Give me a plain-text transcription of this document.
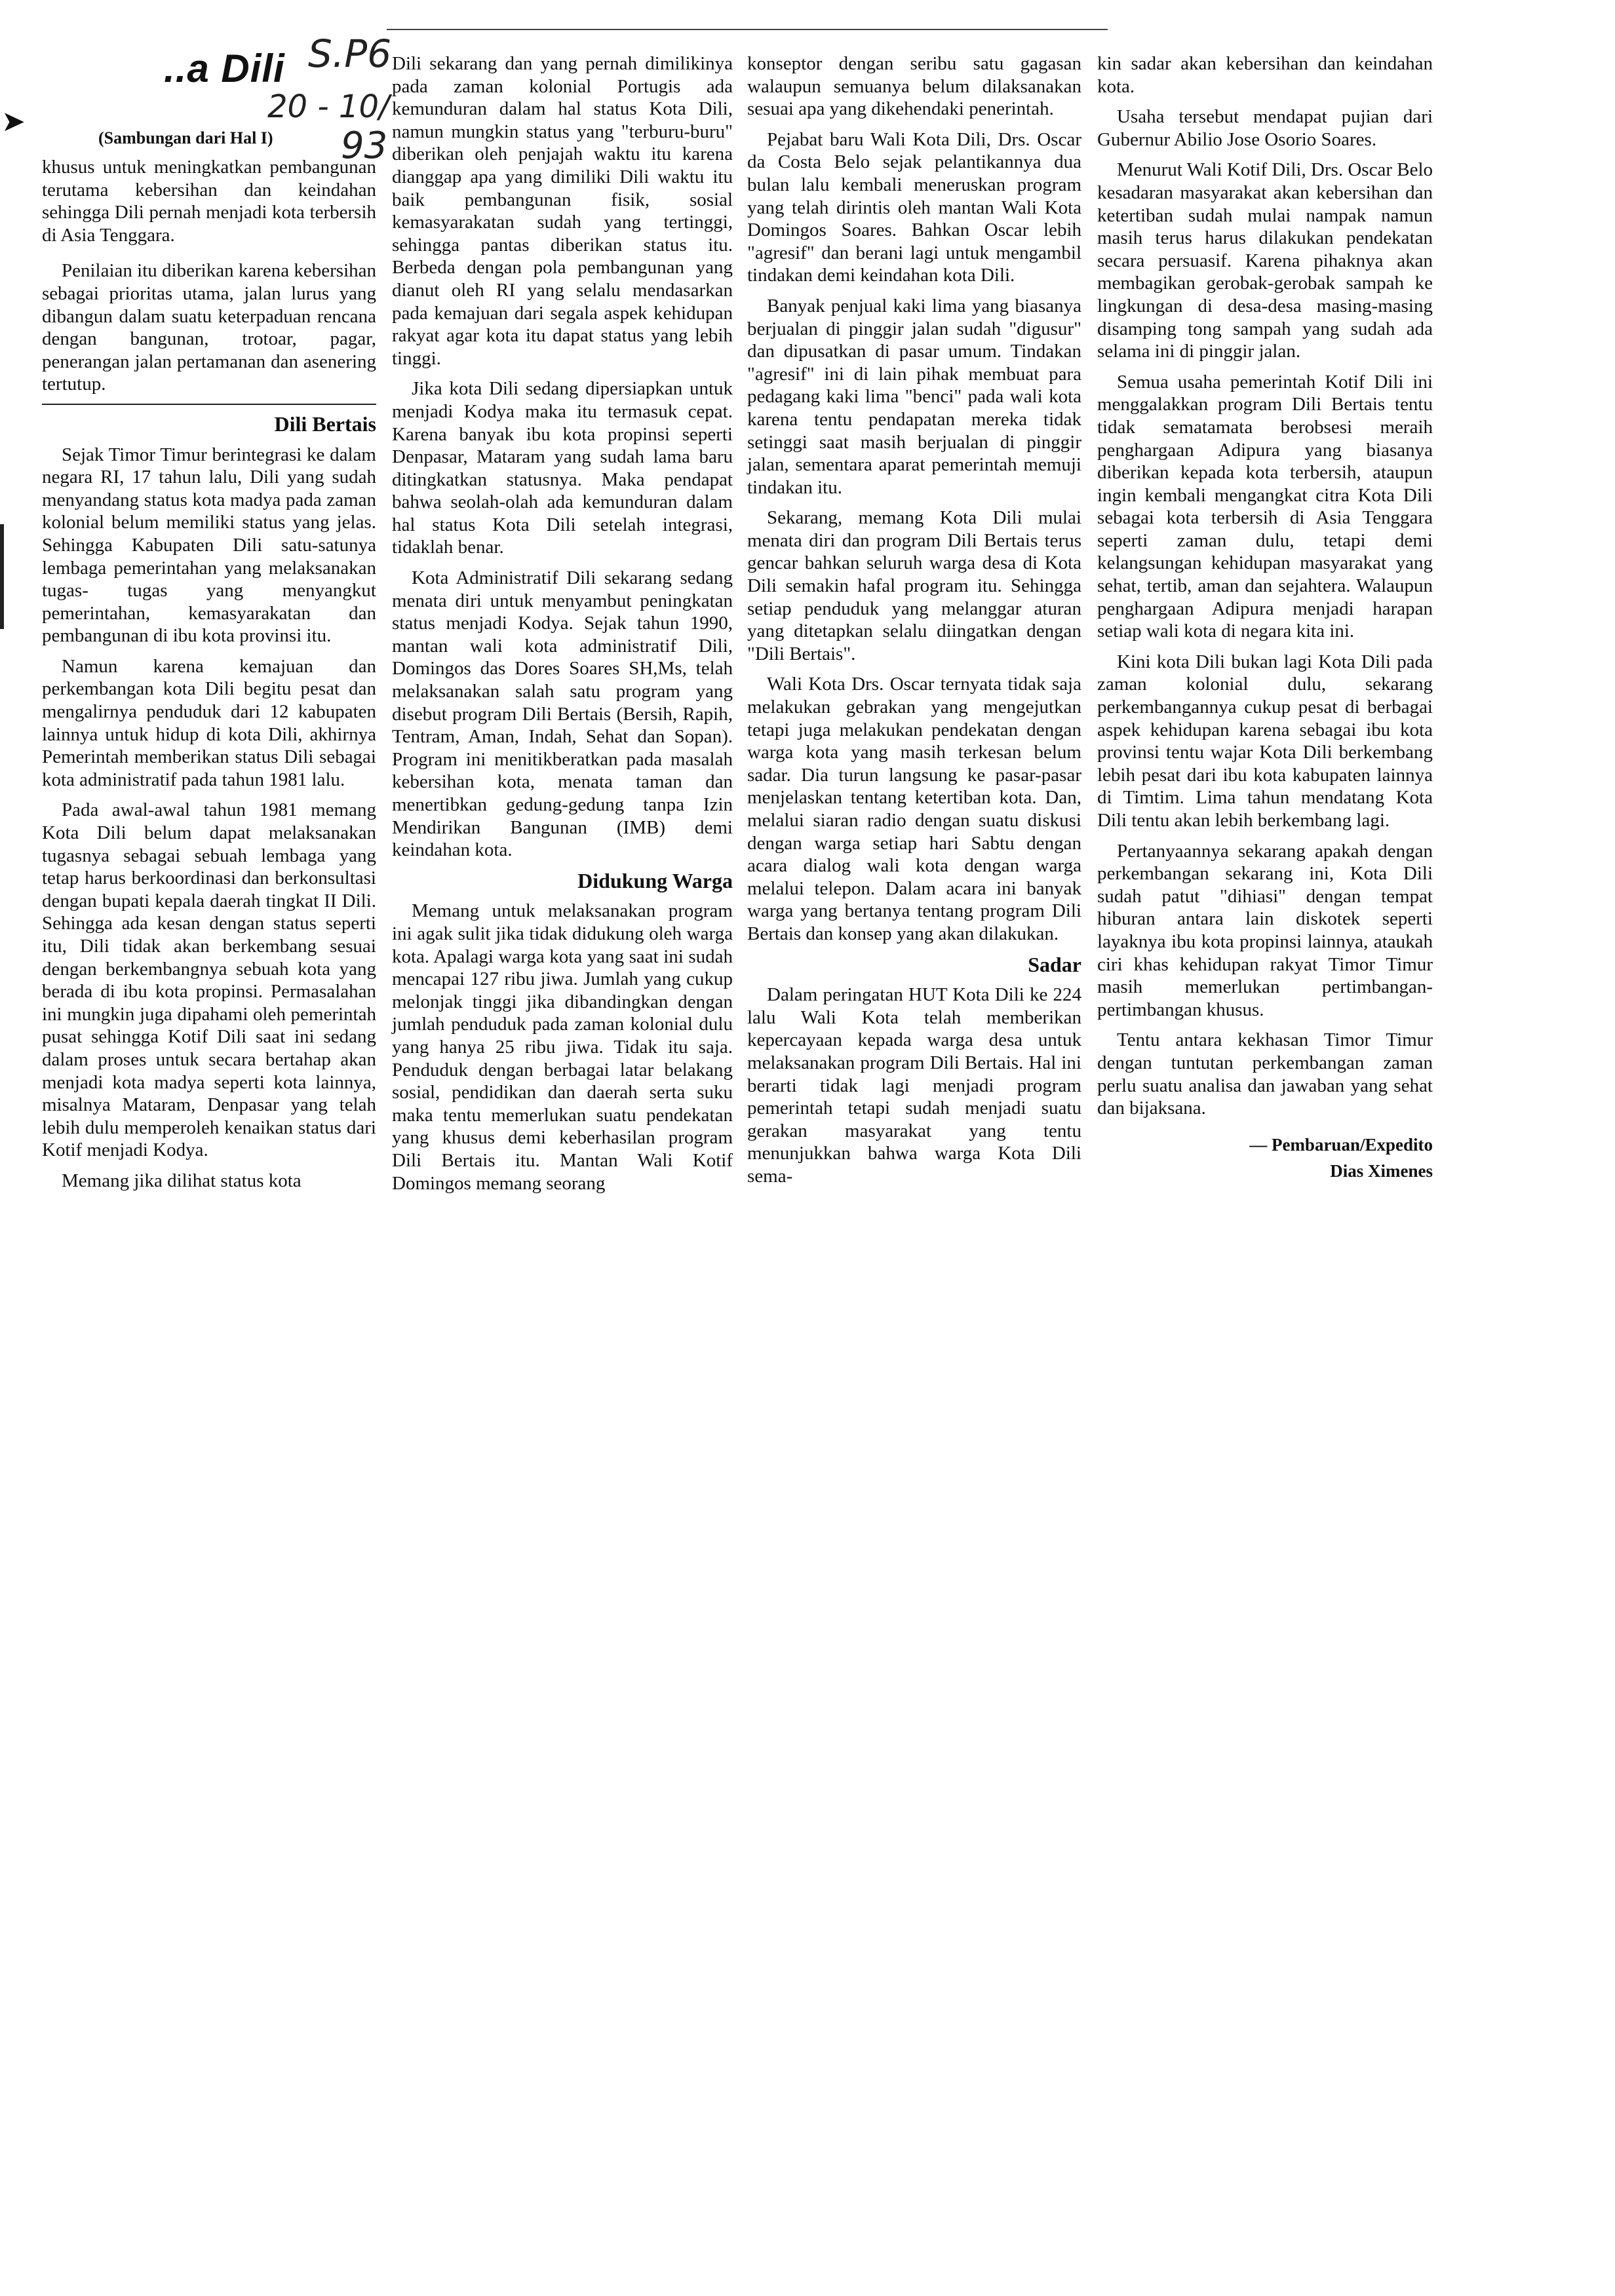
➤
..a Dili S.P6
20 - 10/
93
(Sambungan dari Hal I)

khusus untuk meningkatkan pembangunan terutama kebersihan dan keindahan sehingga Dili pernah menjadi kota terbersih di Asia Tenggara.

Penilaian itu diberikan karena kebersihan sebagai prioritas utama, jalan lurus yang dibangun dalam suatu keterpaduan rencana dengan bangunan, trotoar, pagar, penerangan jalan pertamanan dan asenering tertutup.

Dili Bertais

Sejak Timor Timur berintegrasi ke dalam negara RI, 17 tahun lalu, Dili yang sudah menyandang status kota madya pada zaman kolonial belum memiliki status yang jelas. Sehingga Kabupaten Dili satu-satunya lembaga pemerintahan yang melaksanakan tugas- tugas yang menyangkut pemerintahan, kemasyarakatan dan pembangunan di ibu kota provinsi itu.

Namun karena kemajuan dan perkembangan kota Dili begitu pesat dan mengalirnya penduduk dari 12 kabupaten lainnya untuk hidup di kota Dili, akhirnya Pemerintah memberikan status Dili sebagai kota administratif pada tahun 1981 lalu.

Pada awal-awal tahun 1981 memang Kota Dili belum dapat melaksanakan tugasnya sebagai sebuah lembaga yang tetap harus berkoordinasi dan berkonsultasi dengan bupati kepala daerah tingkat II Dili. Sehingga ada kesan dengan status seperti itu, Dili tidak akan berkembang sesuai dengan berkembangnya sebuah kota yang berada di ibu kota propinsi. Permasalahan ini mungkin juga dipahami oleh pemerintah pusat sehingga Kotif Dili saat ini sedang dalam proses untuk secara bertahap akan menjadi kota madya seperti kota lainnya, misalnya Mataram, Denpasar yang telah lebih dulu memperoleh kenaikan status dari Kotif menjadi Kodya.

Memang jika dilihat status kota

Dili sekarang dan yang pernah dimilikinya pada zaman kolonial Portugis ada kemunduran dalam hal status Kota Dili, namun mungkin status yang "terburu-buru" diberikan oleh penjajah waktu itu karena dianggap apa yang dimiliki Dili waktu itu baik pembangunan fisik, sosial kemasyarakatan sudah yang tertinggi, sehingga pantas diberikan status itu. Berbeda dengan pola pembangunan yang dianut oleh RI yang selalu mendasarkan pada kemajuan dari segala aspek kehidupan rakyat agar kota itu dapat status yang lebih tinggi.

Jika kota Dili sedang dipersiapkan untuk menjadi Kodya maka itu termasuk cepat. Karena banyak ibu kota propinsi seperti Denpasar, Mataram yang sudah lama baru ditingkatkan statusnya. Maka pendapat bahwa seolah-olah ada kemunduran dalam hal status Kota Dili setelah integrasi, tidaklah benar.

Kota Administratif Dili sekarang sedang menata diri untuk menyambut peningkatan status menjadi Kodya. Sejak tahun 1990, mantan wali kota administratif Dili, Domingos das Dores Soares SH,Ms, telah melaksanakan salah satu program yang disebut program Dili Bertais (Bersih, Rapih, Tentram, Aman, Indah, Sehat dan Sopan). Program ini menitikberatkan pada masalah kebersihan kota, menata taman dan menertibkan gedung-gedung tanpa Izin Mendirikan Bangunan (IMB) demi keindahan kota.

Didukung Warga

Memang untuk melaksanakan program ini agak sulit jika tidak didukung oleh warga kota. Apalagi warga kota yang saat ini sudah mencapai 127 ribu jiwa. Jumlah yang cukup melonjak tinggi jika dibandingkan dengan jumlah penduduk pada zaman kolonial dulu yang hanya 25 ribu jiwa. Tidak itu saja. Penduduk dengan berbagai latar belakang sosial, pendidikan dan daerah serta suku maka tentu memerlukan suatu pendekatan yang khusus demi keberhasilan program Dili Bertais itu. Mantan Wali Kotif Domingos memang seorang

konseptor dengan seribu satu gagasan walaupun semuanya belum dilaksanakan sesuai apa yang dikehendaki penerintah.

Pejabat baru Wali Kota Dili, Drs. Oscar da Costa Belo sejak pelantikannya dua bulan lalu kembali meneruskan program yang telah dirintis oleh mantan Wali Kota Domingos Soares. Bahkan Oscar lebih "agresif" dan berani lagi untuk mengambil tindakan demi keindahan kota Dili.

Banyak penjual kaki lima yang biasanya berjualan di pinggir jalan sudah "digusur" dan dipusatkan di pasar umum. Tindakan "agresif" ini di lain pihak membuat para pedagang kaki lima "benci" pada wali kota karena tentu pendapatan mereka tidak setinggi saat masih berjualan di pinggir jalan, sementara aparat pemerintah memuji tindakan itu.

Sekarang, memang Kota Dili mulai menata diri dan program Dili Bertais terus gencar bahkan seluruh warga desa di Kota Dili semakin hafal program itu. Sehingga setiap penduduk yang melanggar aturan yang ditetapkan selalu diingatkan dengan "Dili Bertais".

Wali Kota Drs. Oscar ternyata tidak saja melakukan gebrakan yang mengejutkan tetapi juga melakukan pendekatan dengan warga kota yang masih terkesan belum sadar. Dia turun langsung ke pasar-pasar menjelaskan tentang ketertiban kota. Dan, melalui siaran radio dengan suatu diskusi dengan warga setiap hari Sabtu dengan acara dialog wali kota dengan warga melalui telepon. Dalam acara ini banyak warga yang bertanya tentang program Dili Bertais dan konsep yang akan dilakukan.

Sadar

Dalam peringatan HUT Kota Dili ke 224 lalu Wali Kota telah memberikan kepercayaan kepada warga desa untuk melaksanakan program Dili Bertais. Hal ini berarti tidak lagi menjadi program pemerintah tetapi sudah menjadi suatu gerakan masyarakat yang tentu menunjukkan bahwa warga Kota Dili sema-

kin sadar akan kebersihan dan keindahan kota.

Usaha tersebut mendapat pujian dari Gubernur Abilio Jose Osorio Soares.

Menurut Wali Kotif Dili, Drs. Oscar Belo kesadaran masyarakat akan kebersihan dan ketertiban sudah mulai nampak namun masih terus harus dilakukan pendekatan secara persuasif. Karena pihaknya akan membagikan gerobak-gerobak sampah ke lingkungan di desa-desa masing-masing disamping tong sampah yang sudah ada selama ini di pinggir jalan.

Semua usaha pemerintah Kotif Dili ini menggalakkan program Dili Bertais tentu tidak sematamata berobsesi meraih penghargaan Adipura yang biasanya diberikan kepada kota terbersih, ataupun ingin kembali mengangkat citra Kota Dili sebagai kota terbersih di Asia Tenggara seperti zaman dulu, tetapi demi kelangsungan kehidupan masyarakat yang sehat, tertib, aman dan sejahtera. Walaupun penghargaan Adipura menjadi harapan setiap wali kota di negara kita ini.

Kini kota Dili bukan lagi Kota Dili pada zaman kolonial dulu, sekarang perkembangannya cukup pesat di berbagai aspek kehidupan karena sebagai ibu kota provinsi tentu wajar Kota Dili berkembang lebih pesat dari ibu kota kabupaten lainnya di Timtim. Lima tahun mendatang Kota Dili tentu akan lebih berkembang lagi.

Pertanyaannya sekarang apakah dengan perkembangan sekarang ini, Kota Dili sudah patut "dihiasi" dengan tempat hiburan antara lain diskotek seperti layaknya ibu kota propinsi lainnya, ataukah ciri khas kehidupan rakyat Timor Timur masih memerlukan pertimbangan-pertimbangan khusus.

Tentu antara kekhasan Timor Timur dengan tuntutan perkembangan zaman perlu suatu analisa dan jawaban yang sehat dan bijaksana.

— Pembaruan/Expedito
Dias Ximenes
